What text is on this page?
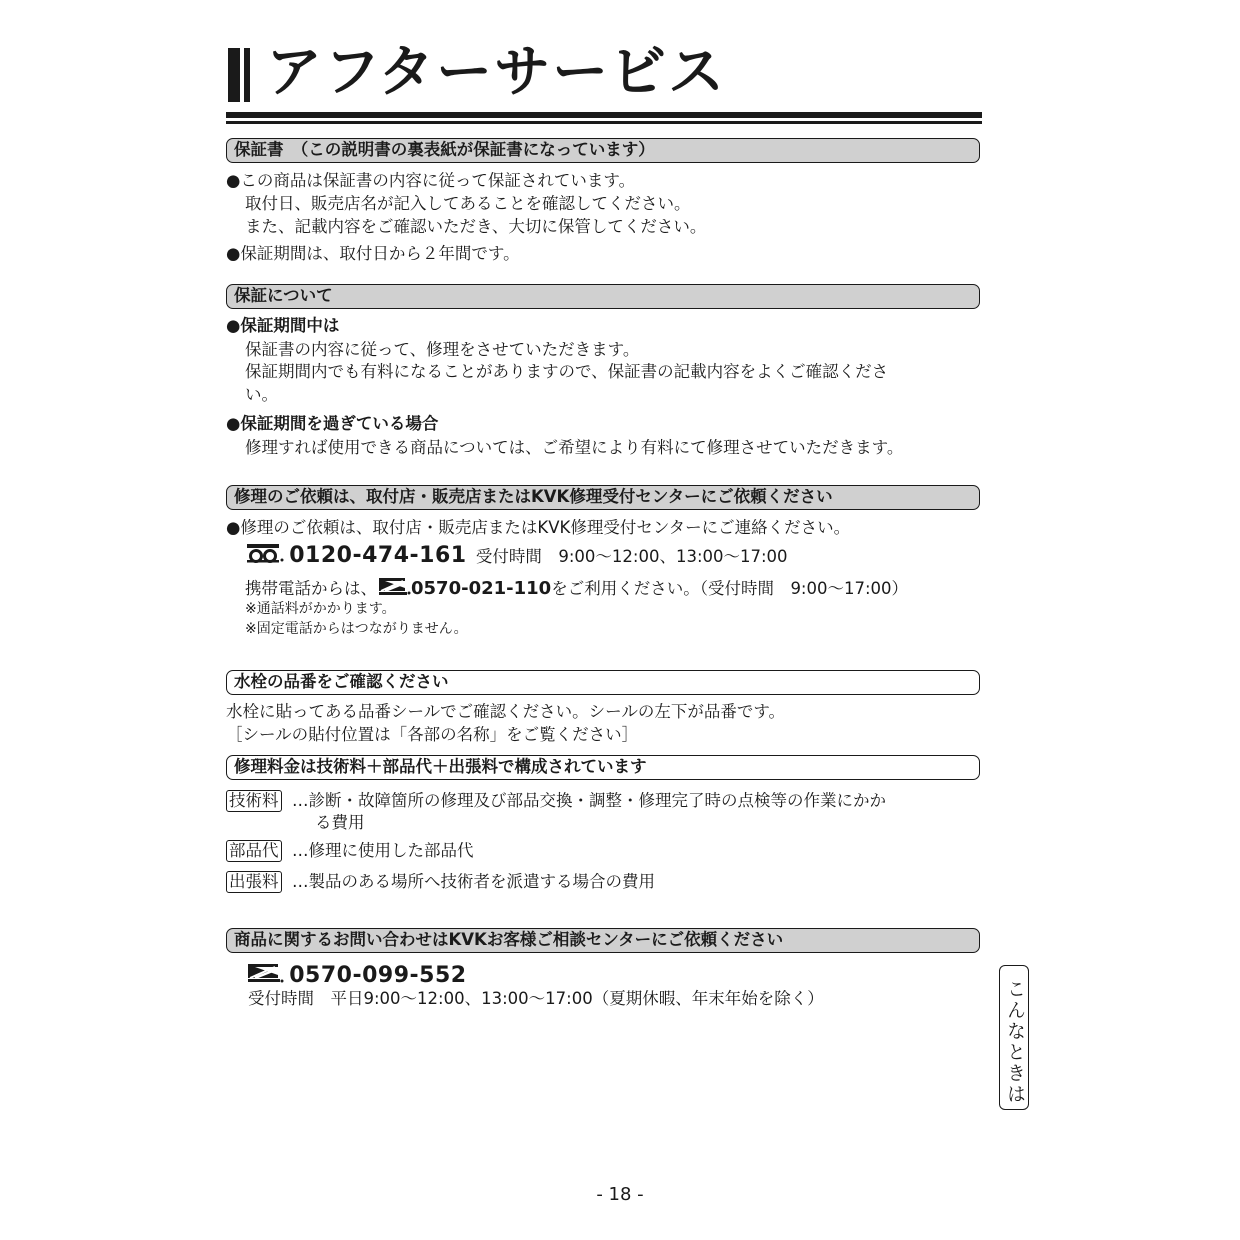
アフターサービス
保証書　（この説明書の裏表紙が保証書になっています）
●この商品は保証書の内容に従って保証されています。
取付日、販売店名が記入してあることを確認してください。
また、記載内容をご確認いただき、大切に保管してください。
●保証期間は、取付日から２年間です。
保証について
●保証期間中は
保証書の内容に従って、修理をさせていただきます。
保証期間内でも有料になることがありますので、保証書の記載内容をよくご確認くださ
い。
●保証期間を過ぎている場合
修理すれば使用できる商品については、ご希望により有料にて修理させていただきます。
修理のご依頼は、取付店・販売店またはKVK修理受付センターにご依頼ください
●修理のご依頼は、取付店・販売店またはKVK修理受付センターにご連絡ください。
0120-474-161 受付時間　9:00〜12:00、13:00〜17:00
携帯電話からは、 0570-021-110をご利用ください。（受付時間　9:00〜17:00）
※通話料がかかります。
※固定電話からはつながりません。
水栓の品番をご確認ください
水栓に貼ってある品番シールでご確認ください。シールの左下が品番です。
［シールの貼付位置は「各部の名称」をご覧ください］
修理料金は技術料＋部品代＋出張料で構成されています
技術料 …診断・故障箇所の修理及び部品交換・調整・修理完了時の点検等の作業にかか
る費用
部品代 …修理に使用した部品代
出張料 …製品のある場所へ技術者を派遣する場合の費用
商品に関するお問い合わせはKVKお客様ご相談センターにご依頼ください
0570-099-552
受付時間　平日9:00〜12:00、13:00〜17:00（夏期休暇、年末年始を除く）	こんなときは
- 18 -
